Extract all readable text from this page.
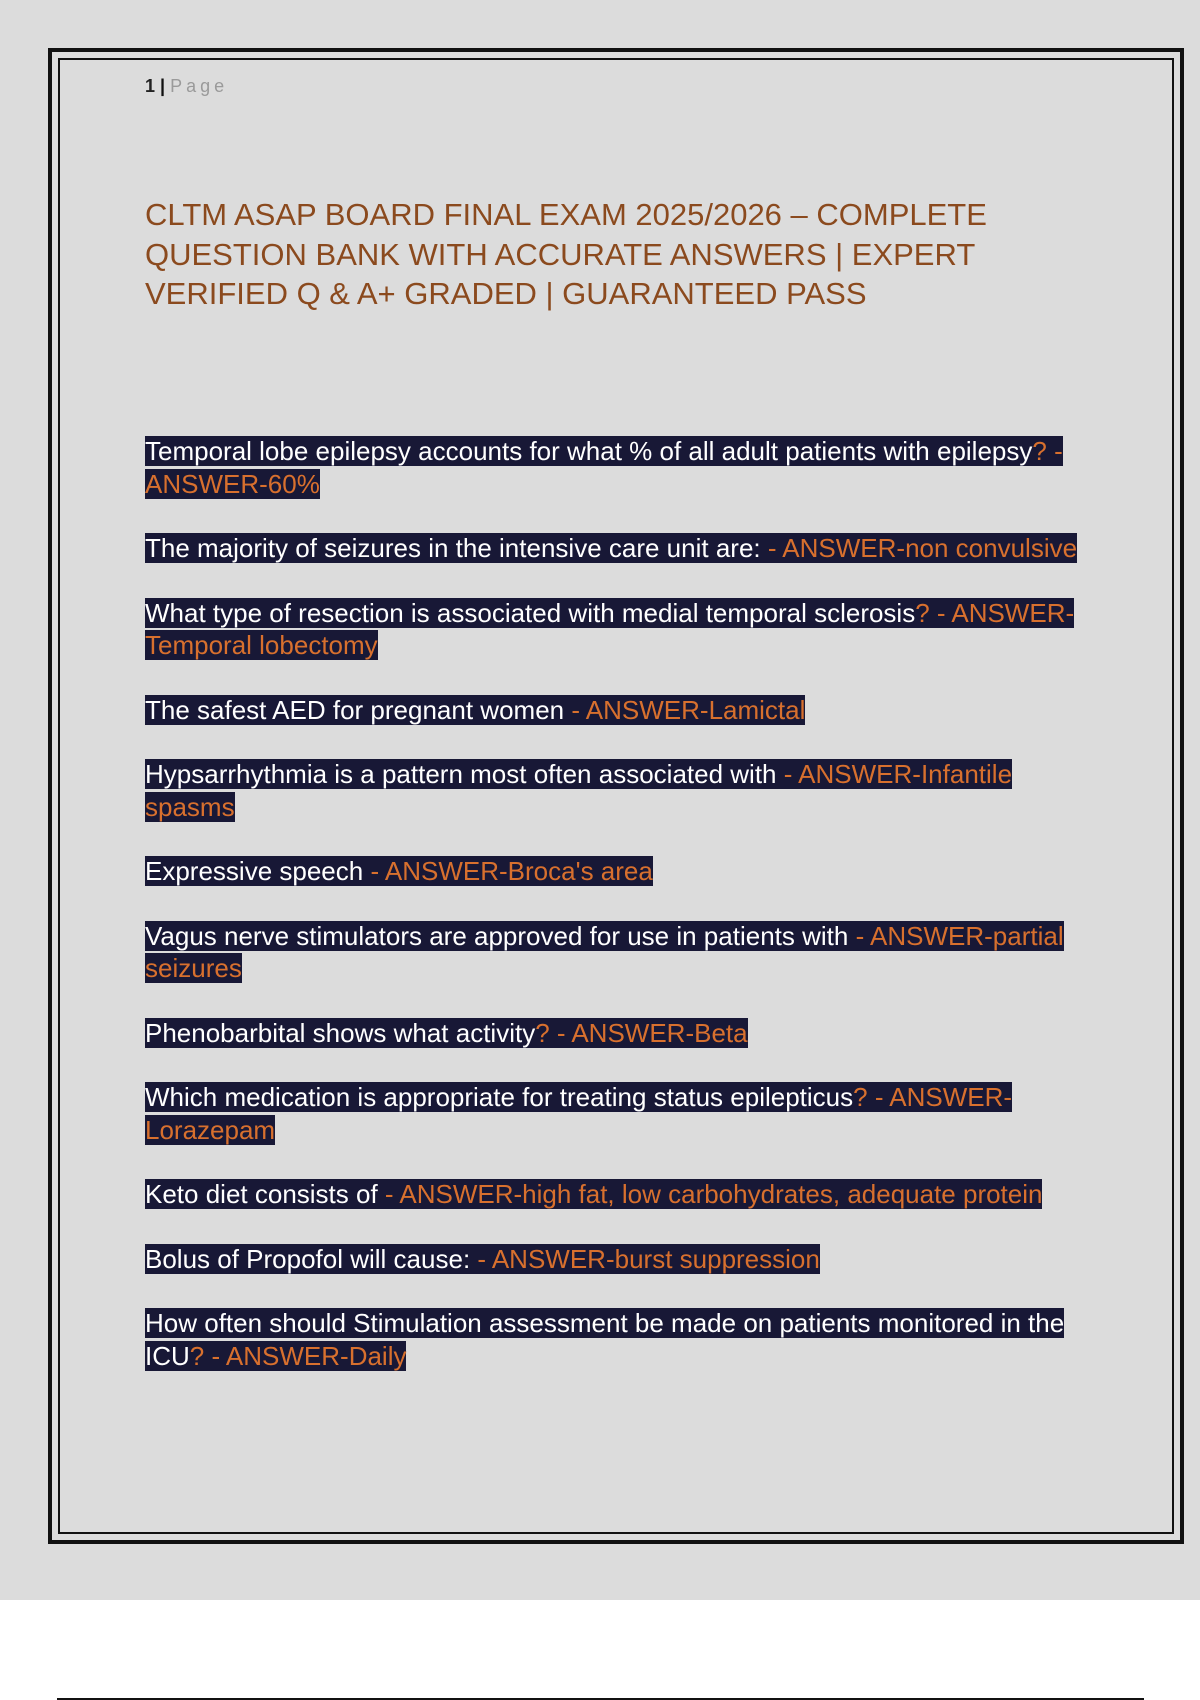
1 | Page
CLTM ASAP BOARD FINAL EXAM 2025/2026 – COMPLETE QUESTION BANK WITH ACCURATE ANSWERS | EXPERT VERIFIED Q & A+ GRADED | GUARANTEED PASS

Temporal lobe epilepsy accounts for what % of all adult patients with epilepsy? - ANSWER-60%

The majority of seizures in the intensive care unit are: - ANSWER-non convulsive

What type of resection is associated with medial temporal sclerosis? - ANSWER-Temporal lobectomy

The safest AED for pregnant women - ANSWER-Lamictal

Hypsarrhythmia is a pattern most often associated with - ANSWER-Infantile spasms

Expressive speech - ANSWER-Broca's area

Vagus nerve stimulators are approved for use in patients with - ANSWER-partial seizures

Phenobarbital shows what activity? - ANSWER-Beta

Which medication is appropriate for treating status epilepticus? - ANSWER-Lorazepam

Keto diet consists of - ANSWER-high fat, low carbohydrates, adequate protein

Bolus of Propofol will cause: - ANSWER-burst suppression

How often should Stimulation assessment be made on patients monitored in the ICU? - ANSWER-Daily
